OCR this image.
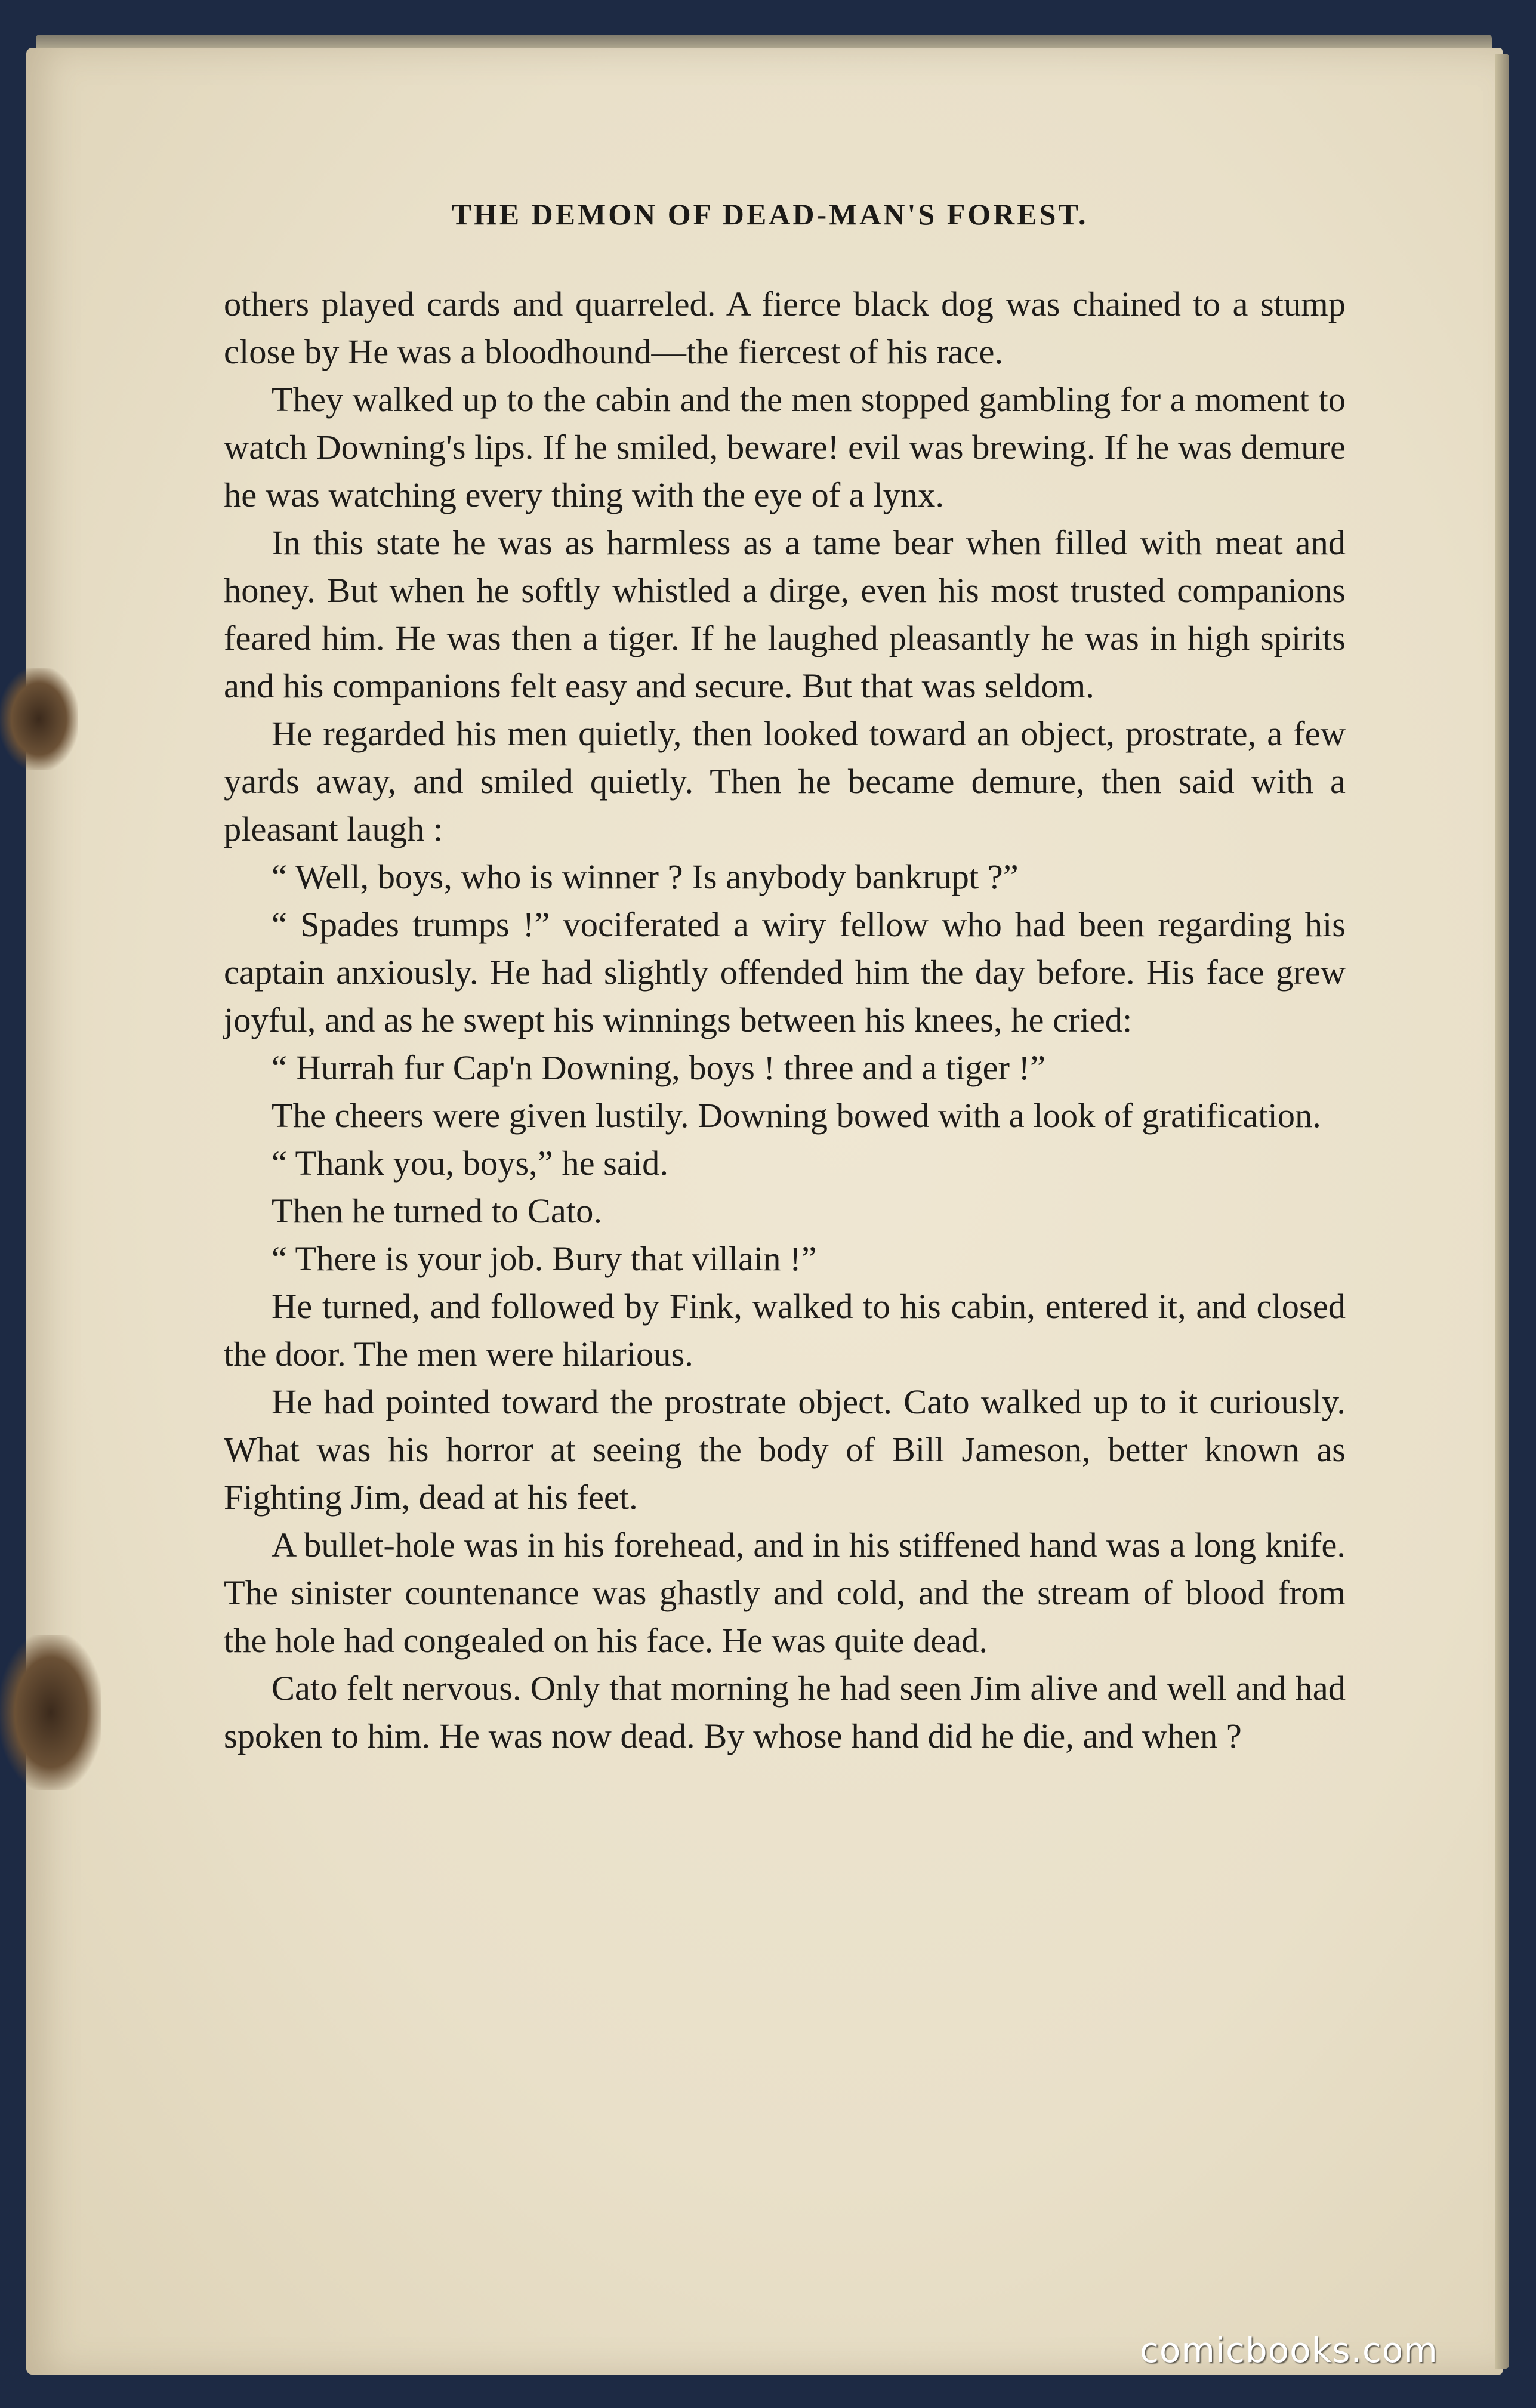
THE DEMON OF DEAD-MAN'S FOREST.

others played cards and quarreled. A fierce black dog was chained to a stump close by He was a bloodhound—the fiercest of his race.

They walked up to the cabin and the men stopped gambling for a moment to watch Downing's lips. If he smiled, beware! evil was brewing. If he was demure he was watching every thing with the eye of a lynx.

In this state he was as harmless as a tame bear when filled with meat and honey. But when he softly whistled a dirge, even his most trusted companions feared him. He was then a tiger. If he laughed pleasantly he was in high spirits and his companions felt easy and secure. But that was seldom.

He regarded his men quietly, then looked toward an object, prostrate, a few yards away, and smiled quietly. Then he became demure, then said with a pleasant laugh :

“ Well, boys, who is winner ? Is anybody bankrupt ?”

“ Spades trumps !” vociferated a wiry fellow who had been regarding his captain anxiously. He had slightly offended him the day before. His face grew joyful, and as he swept his winnings between his knees, he cried:

“ Hurrah fur Cap'n Downing, boys ! three and a tiger !”

The cheers were given lustily. Downing bowed with a look of gratification.

“ Thank you, boys,” he said.

Then he turned to Cato.

“ There is your job. Bury that villain !”

He turned, and followed by Fink, walked to his cabin, entered it, and closed the door. The men were hilarious.

He had pointed toward the prostrate object. Cato walked up to it curiously. What was his horror at seeing the body of Bill Jameson, better known as Fighting Jim, dead at his feet.

A bullet-hole was in his forehead, and in his stiffened hand was a long knife. The sinister countenance was ghastly and cold, and the stream of blood from the hole had congealed on his face. He was quite dead.

Cato felt nervous. Only that morning he had seen Jim alive and well and had spoken to him. He was now dead. By whose hand did he die, and when ?

comicbooks.com
